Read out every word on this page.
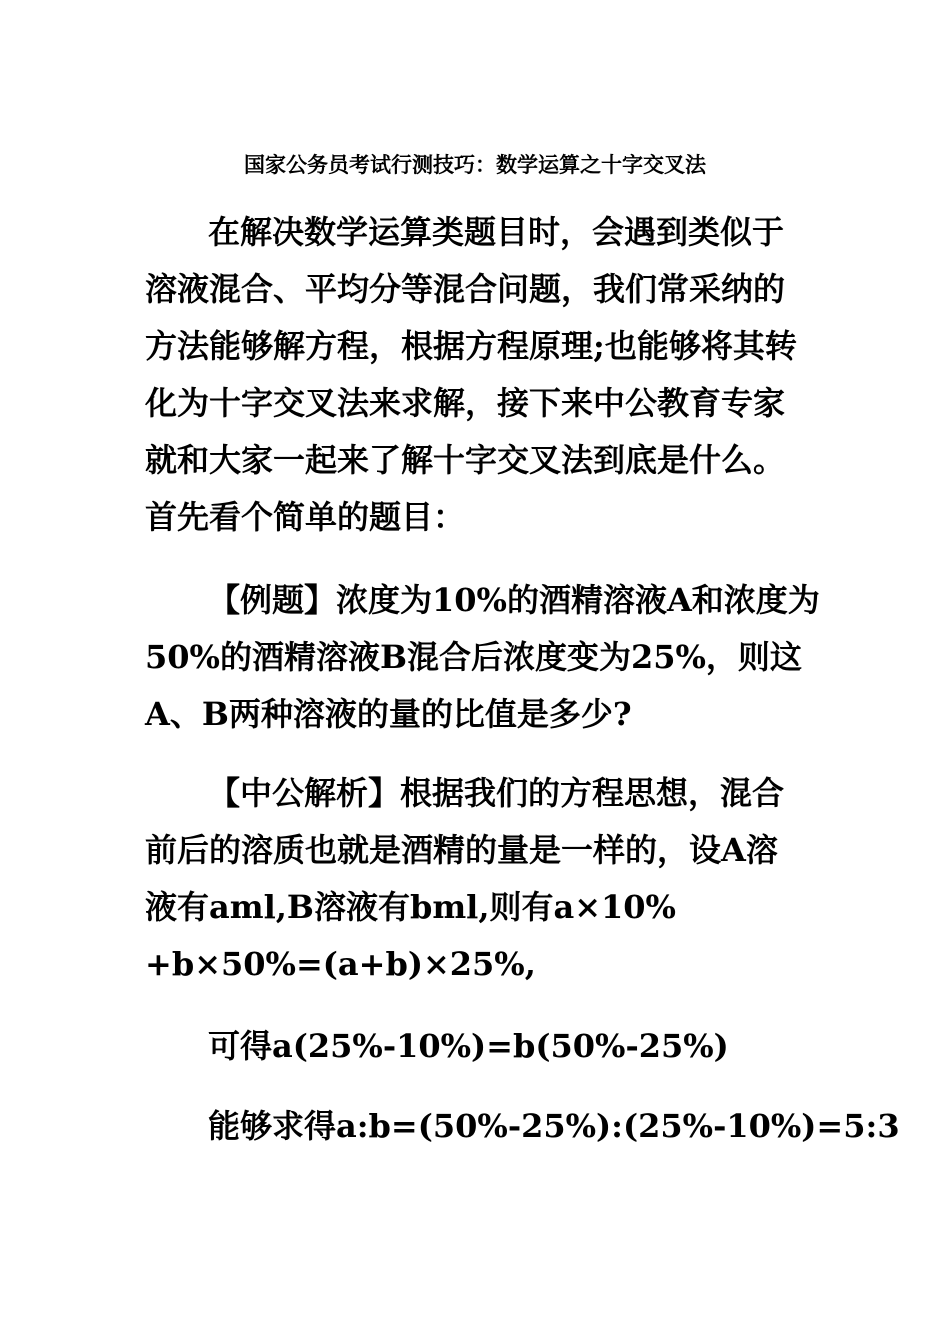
国家公务员考试行测技巧：数学运算之十字交叉法
在解决数学运算类题目时，会遇到类似于
溶液混合、平均分等混合问题，我们常采纳的
方法能够解方程，根据方程原理;也能够将其转
化为十字交叉法来求解，接下来中公教育专家
就和大家一起来了解十字交叉法到底是什么。
首先看个简单的题目：
【例题】浓度为10%的酒精溶液A和浓度为
50%的酒精溶液B混合后浓度变为25%，则这
A、B两种溶液的量的比值是多少?
【中公解析】根据我们的方程思想，混合
前后的溶质也就是酒精的量是一样的，设A溶
液有aml,B溶液有bml,则有a×10%
+b×50%=(a+b)×25%,
可得a(25%-10%)=b(50%-25%)
能够求得a:b=(50%-25%):(25%-10%)=5:3
